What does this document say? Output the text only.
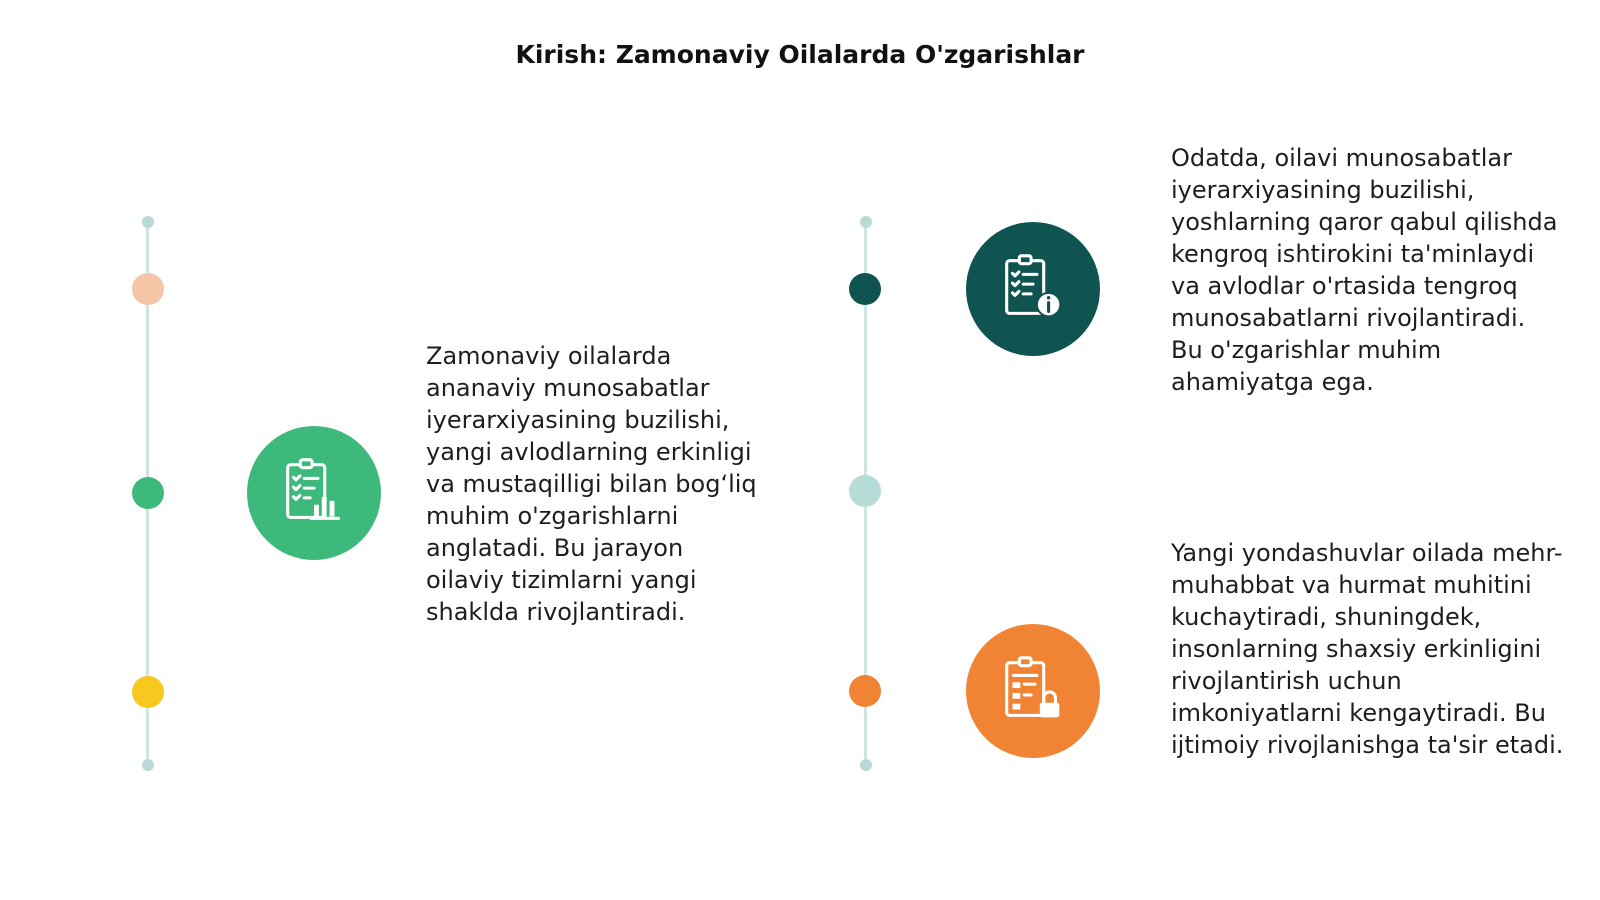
Kirish: Zamonaviy Oilalarda O'zgarishlar
Zamonaviy oilalarda ananaviy munosabatlar iyerarxiyasining buzilishi, yangi avlodlarning erkinligi va mustaqilligi bilan bog‘liq muhim o'zgarishlarni anglatadi. Bu jarayon oilaviy tizimlarni yangi shaklda rivojlantiradi.
Odatda, oilavi munosabatlar iyerarxiyasining buzilishi, yoshlarning qaror qabul qilishda kengroq ishtirokini ta'minlaydi va avlodlar o'rtasida tengroq munosabatlarni rivojlantiradi. Bu o'zgarishlar muhim ahamiyatga ega.
Yangi yondashuvlar oilada mehr-muhabbat va hurmat muhitini kuchaytiradi, shuningdek, insonlarning shaxsiy erkinligini rivojlantirish uchun imkoniyatlarni kengaytiradi. Bu ijtimoiy rivojlanishga ta'sir etadi.
